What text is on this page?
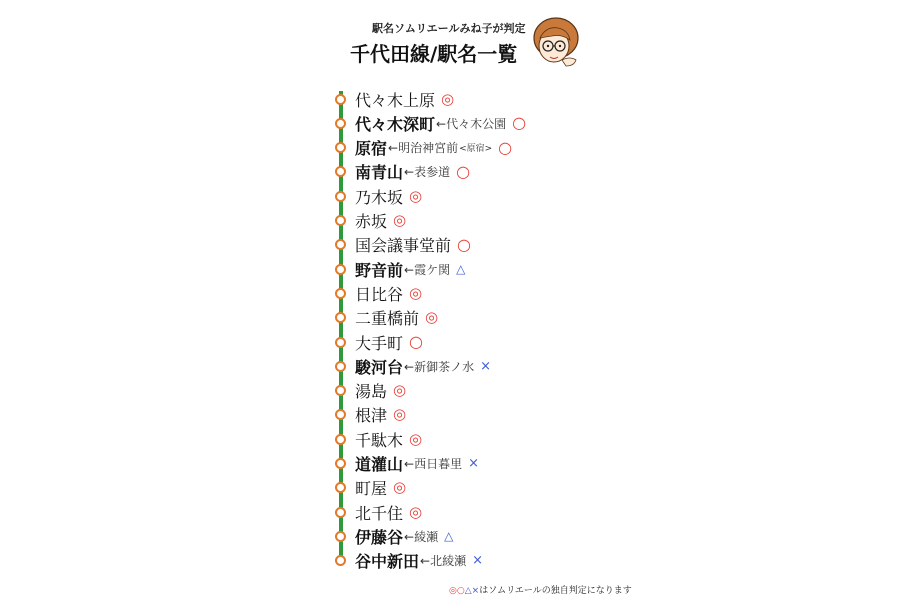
駅名ソムリエールみね子が判定
千代田線/駅名一覧
代々木上原 ◎
代々木深町 ←代々木公園 ○
原宿 ←明治神宮前 <原宿> ○
南青山 ←表参道 ○
乃木坂 ◎
赤坂 ◎
国会議事堂前 ○
野音前 ←霞ケ関 △
日比谷 ◎
二重橋前 ◎
大手町 ○
駿河台 ←新御茶ノ水 ×
湯島 ◎
根津 ◎
千駄木 ◎
道灌山 ←西日暮里 ×
町屋 ◎
北千住 ◎
伊藤谷 ←綾瀬 △
谷中新田 ←北綾瀬 ×
◎○△×はソムリエールの独自判定になります
